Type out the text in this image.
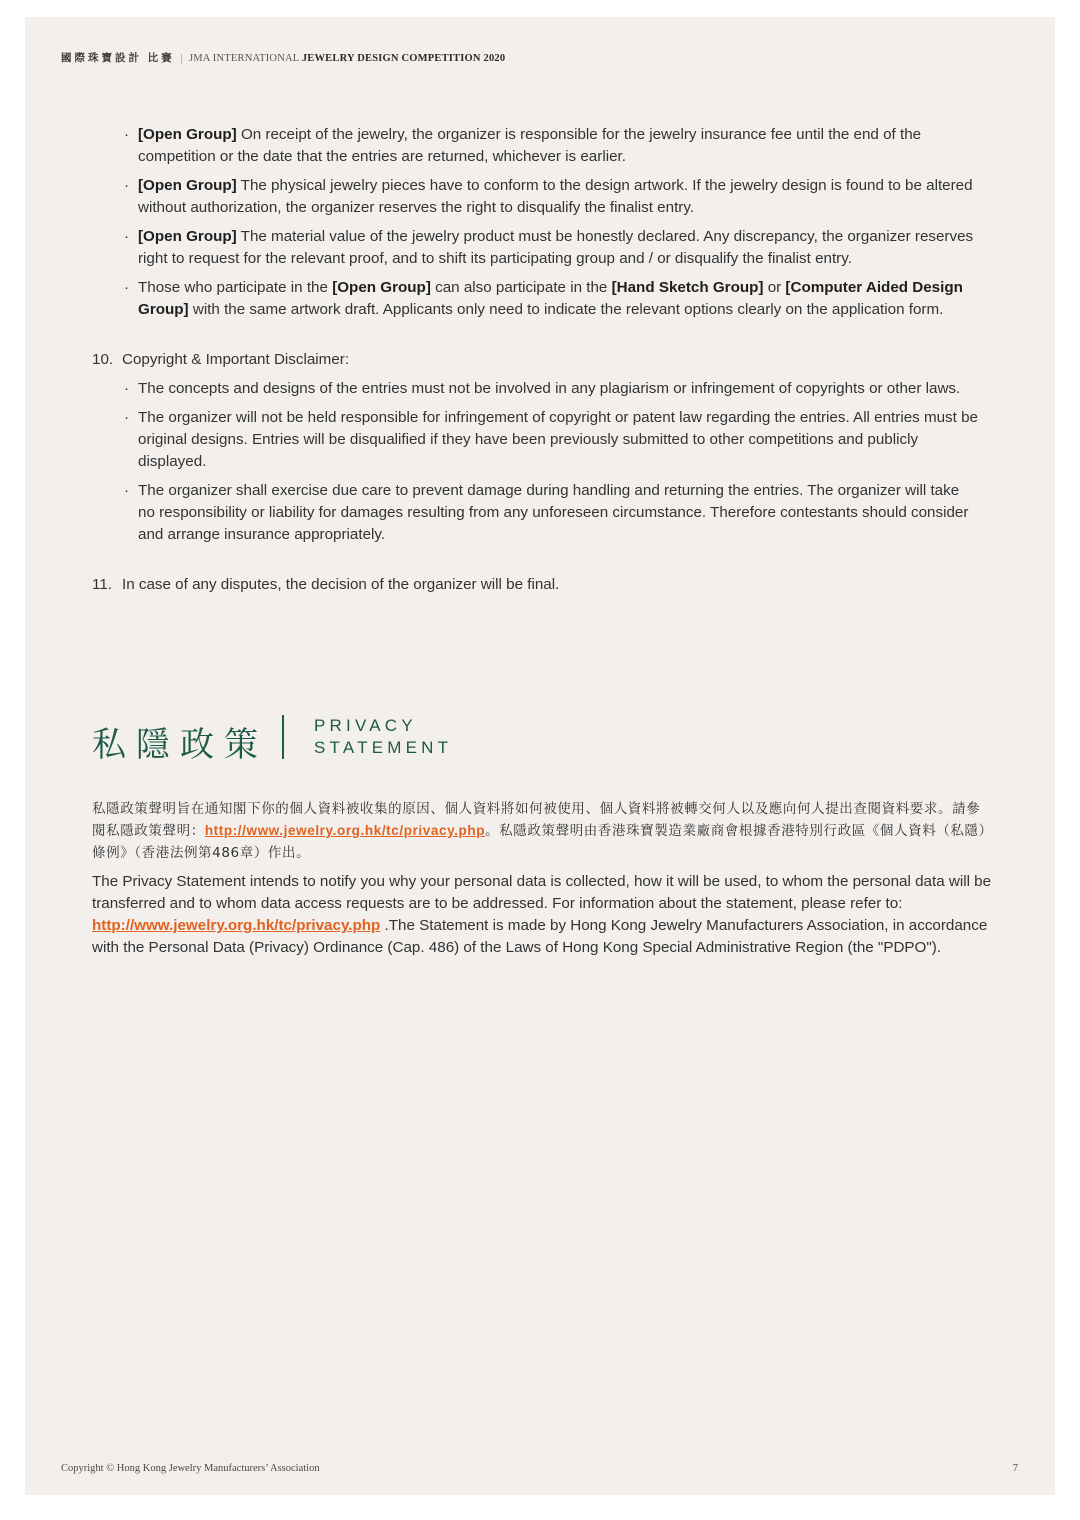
國際珠寶設計 比賽 | JMA INTERNATIONAL JEWELRY DESIGN COMPETITION 2020
· [Open Group] On receipt of the jewelry, the organizer is responsible for the jewelry insurance fee until the end of the competition or the date that the entries are returned, whichever is earlier.
· [Open Group] The physical jewelry pieces have to conform to the design artwork. If the jewelry design is found to be altered without authorization, the organizer reserves the right to disqualify the finalist entry.
· [Open Group] The material value of the jewelry product must be honestly declared. Any discrepancy, the organizer reserves right to request for the relevant proof, and to shift its participating group and / or disqualify the finalist entry.
· Those who participate in the [Open Group] can also participate in the [Hand Sketch Group] or [Computer Aided Design Group] with the same artwork draft. Applicants only need to indicate the relevant options clearly on the application form.
10. Copyright & Important Disclaimer:
· The concepts and designs of the entries must not be involved in any plagiarism or infringement of copyrights or other laws.
· The organizer will not be held responsible for infringement of copyright or patent law regarding the entries. All entries must be original designs. Entries will be disqualified if they have been previously submitted to other competitions and publicly displayed.
· The organizer shall exercise due care to prevent damage during handling and returning the entries. The organizer will take no responsibility or liability for damages resulting from any unforeseen circumstance. Therefore contestants should consider and arrange insurance appropriately.
11. In case of any disputes, the decision of the organizer will be final.
私隱政策	PRIVACY
STATEMENT
私隱政策聲明旨在通知閣下你的個人資料被收集的原因、個人資料將如何被使用、個人資料將被轉交何人以及應向何人提出查閱資料要求。請參閱私隱政策聲明：http://www.jewelry.org.hk/tc/privacy.php。私隱政策聲明由香港珠寶製造業廠商會根據香港特別行政區《個人資料（私隱）條例》（香港法例第486章）作出。
The Privacy Statement intends to notify you why your personal data is collected, how it will be used, to whom the personal data will be transferred and to whom data access requests are to be addressed. For information about the statement, please refer to: http://www.jewelry.org.hk/tc/privacy.php .The Statement is made by Hong Kong Jewelry Manufacturers Association, in accordance with the Personal Data (Privacy) Ordinance (Cap. 486) of the Laws of Hong Kong Special Administrative Region (the "PDPO").
Copyright © Hong Kong Jewelry Manufacturers’ Association	7
